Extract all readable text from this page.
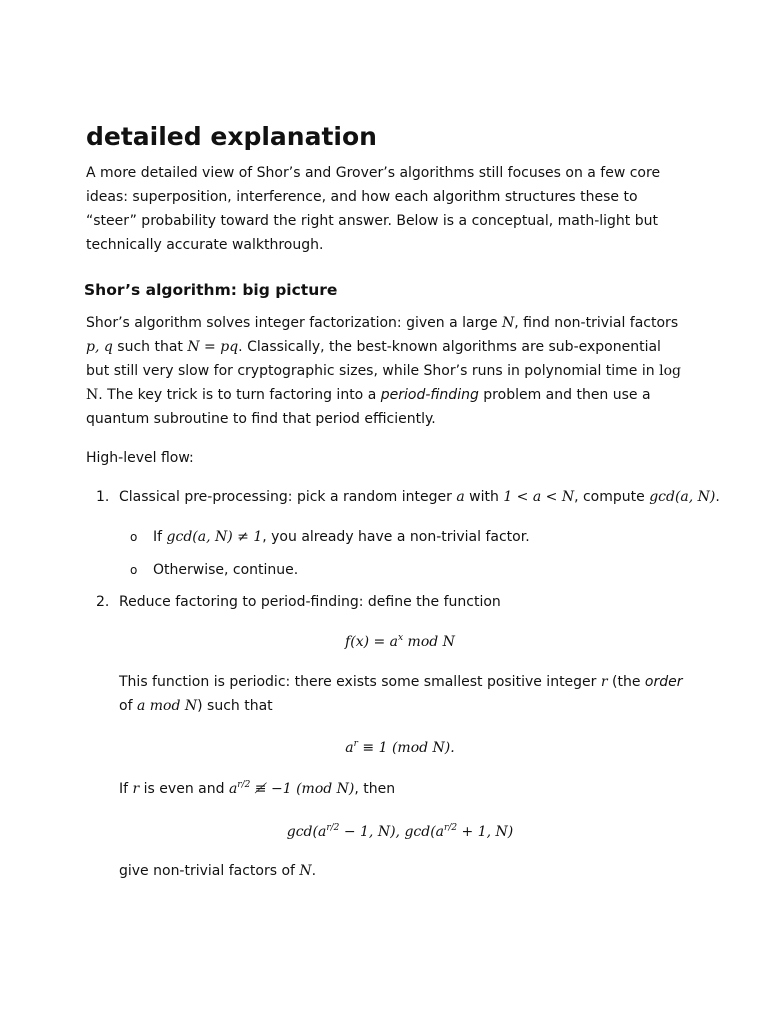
detailed explanation

A more detailed view of Shor’s and Grover’s algorithms still focuses on a few core ideas: superposition, interference, and how each algorithm structures these to “steer” probability toward the right answer. Below is a conceptual, math-light but technically accurate walkthrough.

Shor’s algorithm: big picture

Shor’s algorithm solves integer factorization: given a large N, find non-trivial factors p, q such that N = pq. Classically, the best-known algorithms are sub-exponential but still very slow for cryptographic sizes, while Shor’s runs in polynomial time in log N. The key trick is to turn factoring into a period-finding problem and then use a quantum subroutine to find that period efficiently.

High-level flow:

1. Classical pre-processing: pick a random integer a with 1 < a < N, compute gcd(a, N).

o If gcd(a, N) ≠ 1, you already have a non-trivial factor.

o Otherwise, continue.

2. Reduce factoring to period-finding: define the function

$f(x) = a^x$ mod N

This function is periodic: there exists some smallest positive integer r (the order of a mod N) such that

$a^r \equiv 1$ (mod N).

If r is even and $a^{r/2}$ ≢ −1 (mod N), then

$\gcd(a^{r/2} - 1$, N), $\gcd(a^{r/2} + 1$, N)

give non-trivial factors of N.
